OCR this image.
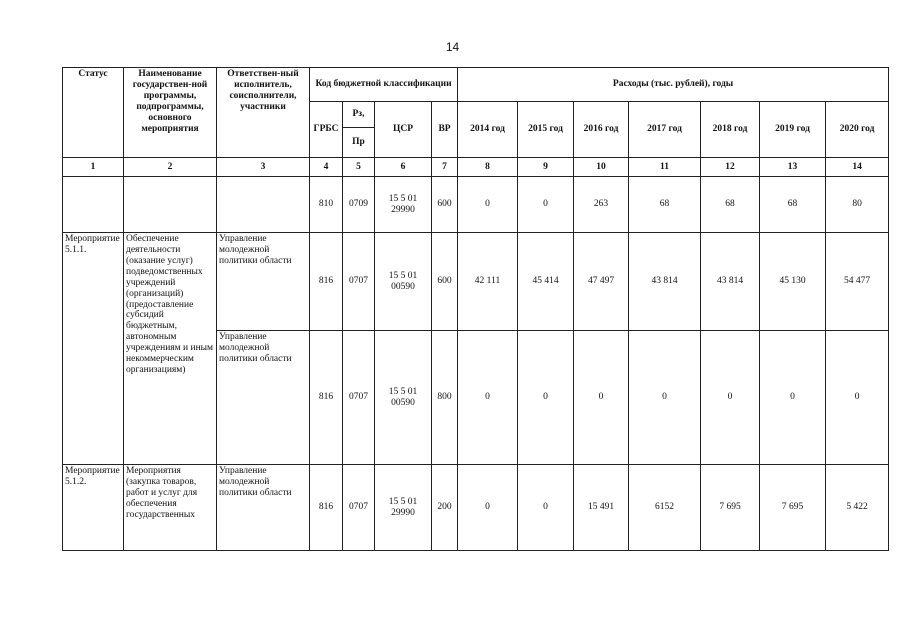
14
Статус	Наименование государствен-ной программы, подпрограммы, основного мероприятия	Ответствен-ный исполнитель, соисполнители, участники	Код бюджетной классификации				Расходы (тыс. рублей), годы						
			ГРБС	Рз,	ЦСР	ВР	2014 год	2015 год	2016 год	2017 год	2018 год	2019 год	2020 год
				Пр									
1	2	3	4	5	6	7	8	9	10	11	12	13	14
			810	0709	15 5 01 29990	600	0	0	263	68	68	68	80
Мероприятие 5.1.1.	Обеспечение деятельности (оказание услуг) подведомственных учреждений (организаций) (предоставление субсидий бюджетным, автономным учреждениям и иным некоммерческим организациям)	Управление молодежной политики области	816	0707	15 5 01 00590	600	42 111	45 414	47 497	43 814	43 814	45 130	54 477
		Управление молодежной политики области	816	0707	15 5 01 00590	800	0	0	0	0	0	0	0
Мероприятие 5.1.2.	Мероприятия (закупка товаров, работ и услуг для обеспечения государственных	Управление молодежной политики области	816	0707	15 5 01 29990	200	0	0	15 491	6152	7 695	7 695	5 422
